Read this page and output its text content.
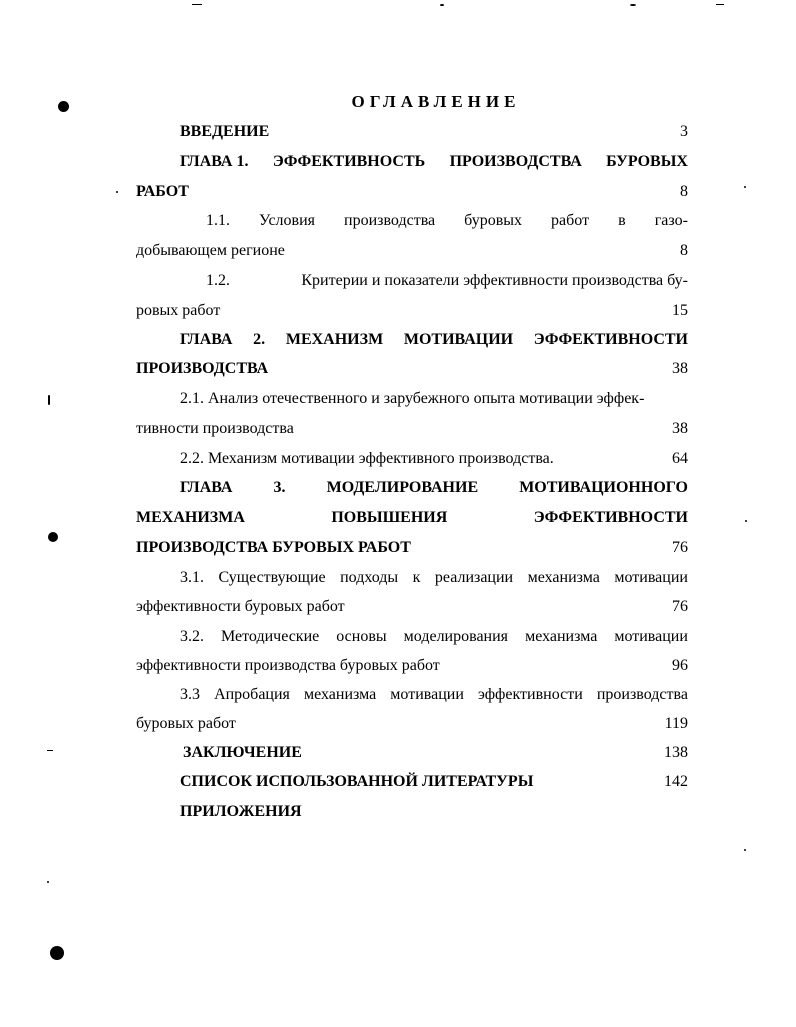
ОГЛАВЛЕНИЕ
ВВЕДЕНИЕ	3
ГЛАВА 1. ЭФФЕКТИВНОСТЬ ПРОИЗВОДСТВА БУРОВЫХ
РАБОТ	8
1.1. Условия производства буровых работ в газо-
добывающем регионе	8
1.2.	Критерии и показатели эффективности производства бу-
ровых работ	15
ГЛАВА 2. МЕХАНИЗМ МОТИВАЦИИ ЭФФЕКТИВНОСТИ
ПРОИЗВОДСТВА	38
2.1. Анализ отечественного и зарубежного опыта мотивации эффек-
тивности производства	38
2.2. Механизм мотивации эффективного производства.	64
ГЛАВА	3.	МОДЕЛИРОВАНИЕ	МОТИВАЦИОННОГО
МЕХАНИЗМА	ПОВЫШЕНИЯ	ЭФФЕКТИВНОСТИ
ПРОИЗВОДСТВА БУРОВЫХ РАБОТ	76
3.1. Существующие подходы к реализации механизма мотивации
эффективности буровых работ	76
3.2. Методические основы моделирования механизма мотивации
эффективности производства буровых работ	96
3.3 Апробация механизма мотивации эффективности производства
буровых работ	119
ЗАКЛЮЧЕНИЕ	138
СПИСОК ИСПОЛЬЗОВАННОЙ ЛИТЕРАТУРЫ	142
ПРИЛОЖЕНИЯ
